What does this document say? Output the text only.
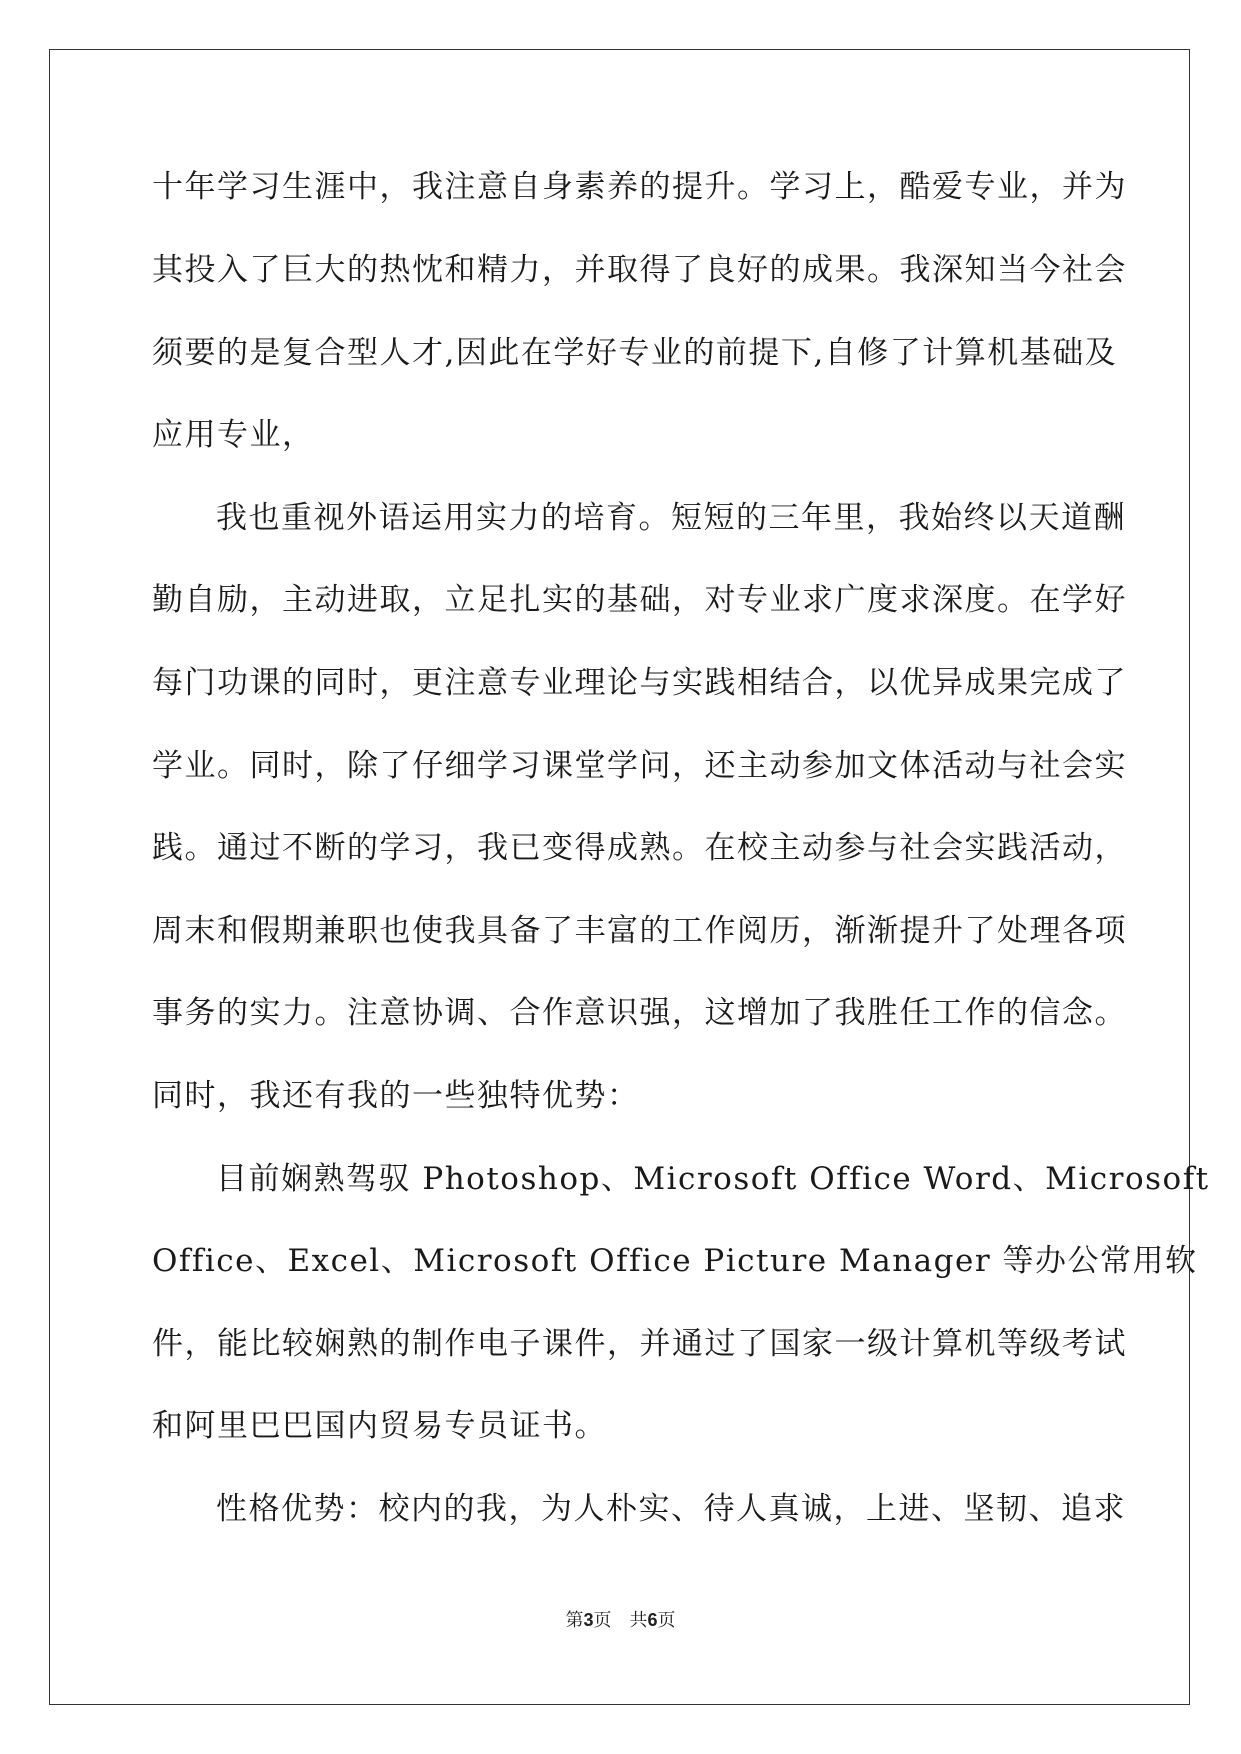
十年学习生涯中，我注意自身素养的提升。学习上，酷爱专业，并为
其投入了巨大的热忱和精力，并取得了良好的成果。我深知当今社会
须要的是复合型人才,因此在学好专业的前提下,自修了计算机基础及
应用专业，
我也重视外语运用实力的培育。短短的三年里，我始终以天道酬
勤自励，主动进取，立足扎实的基础，对专业求广度求深度。在学好
每门功课的同时，更注意专业理论与实践相结合，以优异成果完成了
学业。同时，除了仔细学习课堂学问，还主动参加文体活动与社会实
践。通过不断的学习，我已变得成熟。在校主动参与社会实践活动，
周末和假期兼职也使我具备了丰富的工作阅历，渐渐提升了处理各项
事务的实力。注意协调、合作意识强，这增加了我胜任工作的信念。
同时，我还有我的一些独特优势：
目前娴熟驾驭 Photoshop、Microsoft Office Word、Microsoft
Office、Excel、Microsoft Office Picture Manager 等办公常用软
件，能比较娴熟的制作电子课件，并通过了国家一级计算机等级考试
和阿里巴巴国内贸易专员证书。
性格优势：校内的我，为人朴实、待人真诚，上进、坚韧、追求
第3页 共6页
